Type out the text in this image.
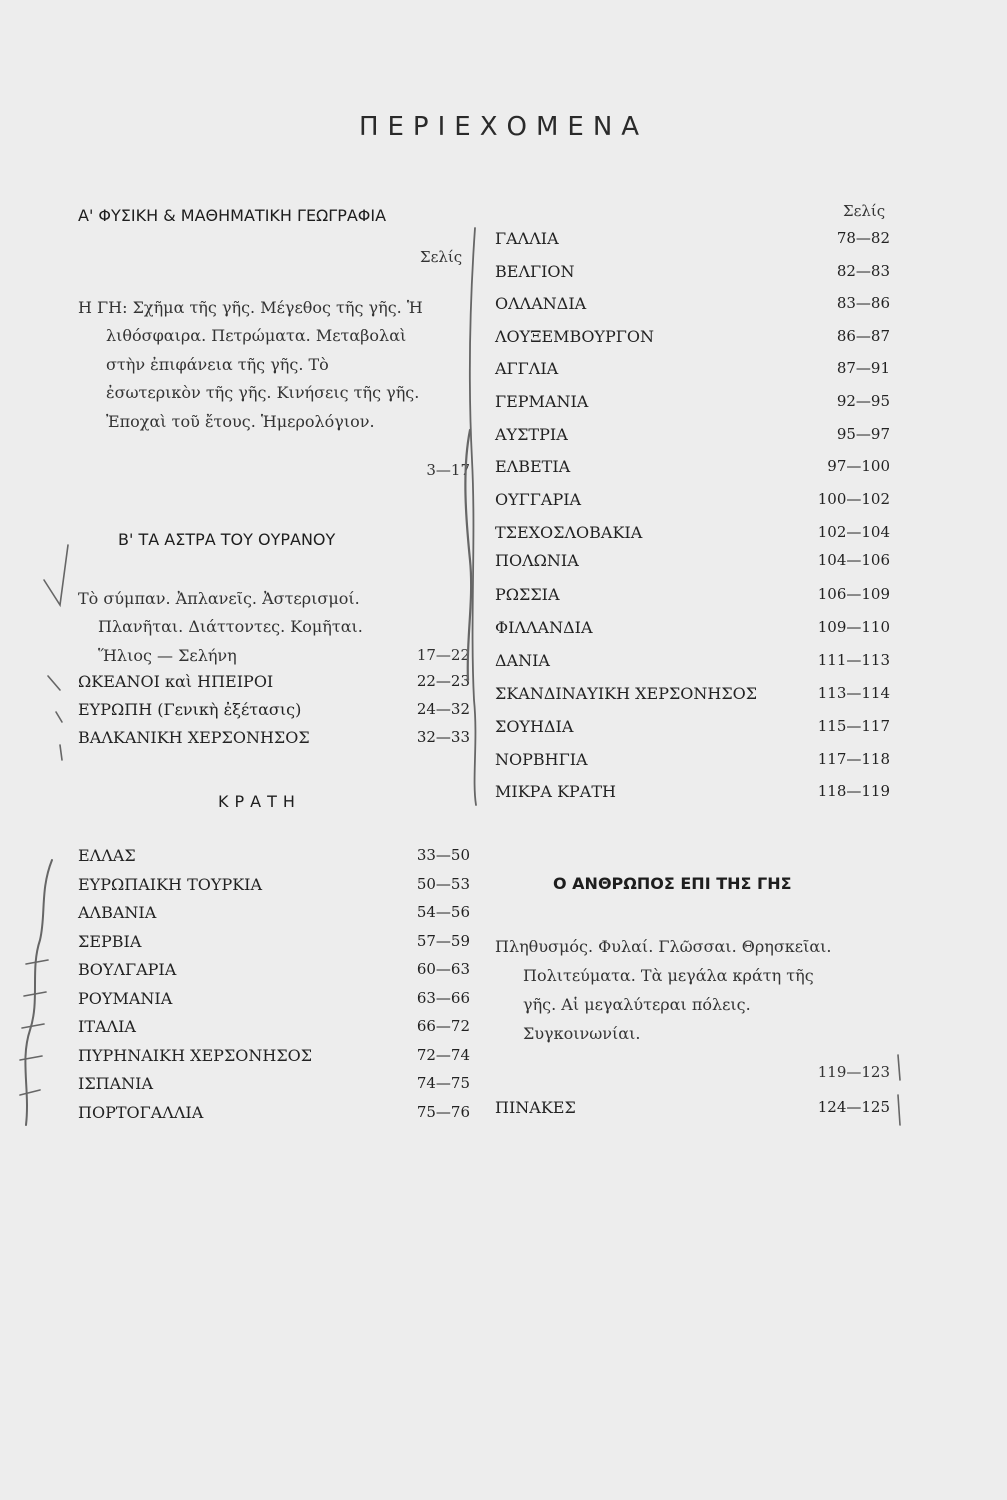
ΠΕΡΙΕΧΟΜΕΝΑ
Α' ΦΥΣΙΚΗ & ΜΑΘΗΜΑΤΙΚΗ ΓΕΩΓΡΑΦΙΑ
Σελίς
Η ΓΗ: Σχῆμα τῆς γῆς. Μέγεθος τῆς γῆς. Ἡ λιθόσφαιρα. Πετρώματα. Μεταβολαὶ στὴν ἐπιφάνεια τῆς γῆς. Τὸ ἐσωτερικὸν τῆς γῆς. Κινήσεις τῆς γῆς. Ἐποχαὶ τοῦ ἔτους. Ἡμερολόγιον.
3—17
Β' ΤΑ ΑΣΤΡΑ ΤΟΥ ΟΥΡΑΝΟΥ
Τὸ σύμπαν. Ἀπλανεῖς. Ἀστερισμοί. Πλανῆται. Διάττοντες. Κομῆται. Ἥλιος — Σελήνη	17—22
ΩΚΕΑΝΟΙ καὶ ΗΠΕΙΡΟΙ	22—23
ΕΥΡΩΠΗ (Γενικὴ ἐξέτασις)	24—32
ΒΑΛΚΑΝΙΚΗ ΧΕΡΣΟΝΗΣΟΣ	32—33
ΚΡΑΤΗ
ΕΛΛΑΣ	33—50
ΕΥΡΩΠΑΙΚΗ ΤΟΥΡΚΙΑ	50—53
ΑΛΒΑΝΙΑ	54—56
ΣΕΡΒΙΑ	57—59
ΒΟΥΛΓΑΡΙΑ	60—63
ΡΟΥΜΑΝΙΑ	63—66
ΙΤΑΛΙΑ	66—72
ΠΥΡΗΝΑΙΚΗ ΧΕΡΣΟΝΗΣΟΣ	72—74
ΙΣΠΑΝΙΑ	74—75
ΠΟΡΤΟΓΑΛΛΙΑ	75—76
Σελίς
ΓΑΛΛΙΑ	78—82
ΒΕΛΓΙΟΝ	82—83
ΟΛΛΑΝΔΙΑ	83—86
ΛΟΥΞΕΜΒΟΥΡΓΟΝ	86—87
ΑΓΓΛΙΑ	87—91
ΓΕΡΜΑΝΙΑ	92—95
ΑΥΣΤΡΙΑ	95—97
ΕΛΒΕΤΙΑ	97—100
ΟΥΓΓΑΡΙΑ	100—102
ΤΣΕΧΟΣΛΟΒΑΚΙΑ	102—104
ΠΟΛΩΝΙΑ	104—106
ΡΩΣΣΙΑ	106—109
ΦΙΛΛΑΝΔΙΑ	109—110
ΔΑΝΙΑ	111—113
ΣΚΑΝΔΙΝΑΥΙΚΗ ΧΕΡΣΟΝΗΣΟΣ	113—114
ΣΟΥΗΔΙΑ	115—117
ΝΟΡΒΗΓΙΑ	117—118
ΜΙΚΡΑ ΚΡΑΤΗ	118—119
Ο ΑΝΘΡΩΠΟΣ ΕΠΙ ΤΗΣ ΓΗΣ
Πληθυσμός. Φυλαί. Γλῶσσαι. Θρησκεῖαι. Πολιτεύματα. Τὰ μεγάλα κράτη τῆς γῆς. Αἱ μεγαλύτεραι πόλεις. Συγκοινωνίαι.
119—123
ΠΙΝΑΚΕΣ	124—125
